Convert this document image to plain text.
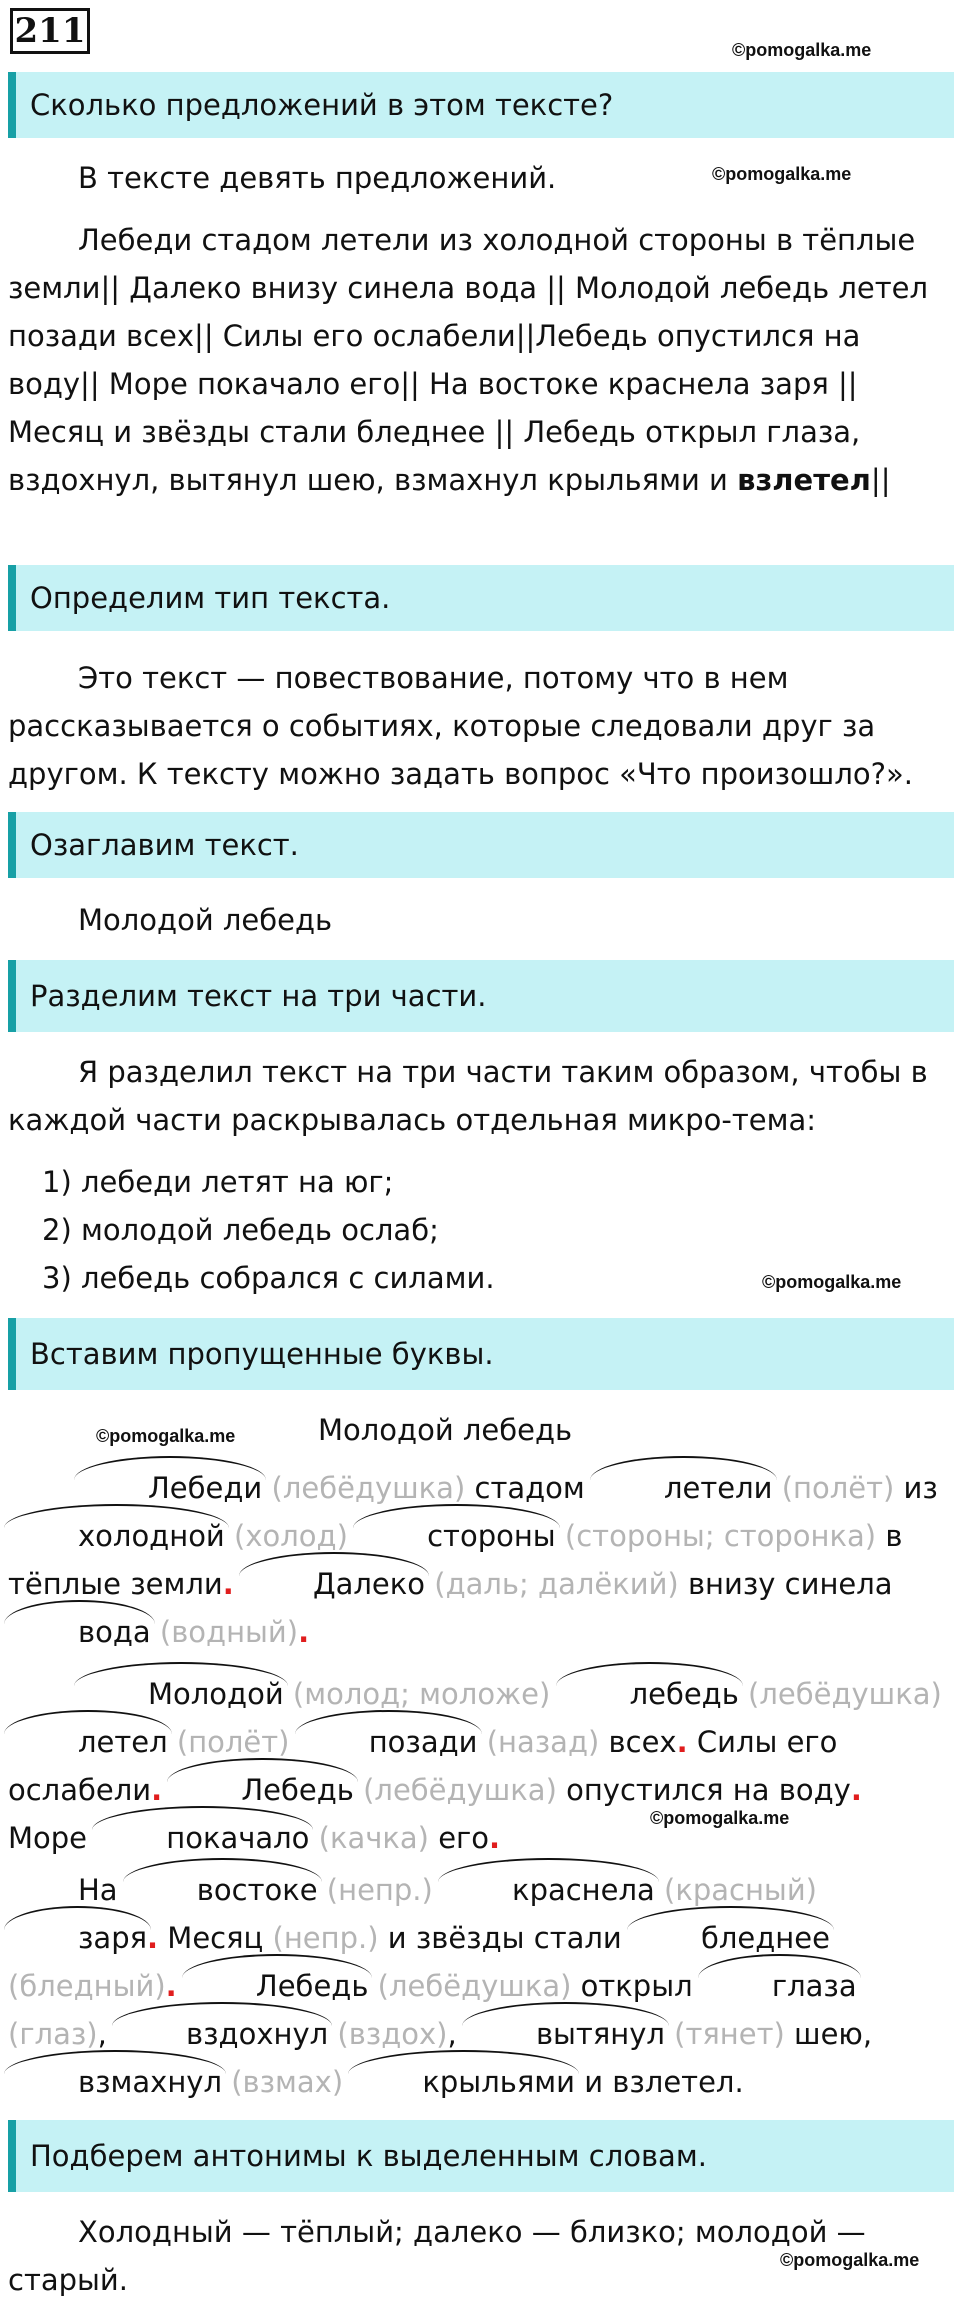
211	©pomogalka.me
Сколько предложений в этом тексте?

В тексте девять предложений.	©pomogalka.me

Лебеди стадом летели из холодной стороны в тёплые земли|| Далеко внизу синела вода || Молодой лебедь летел позади всех|| Силы его ослабели||Лебедь опустился на воду|| Море покачало его|| На востоке краснела заря || Месяц и звёзды стали бледнее || Лебедь открыл глаза, вздохнул, вытянул шею, взмахнул крыльями и взлетел||

Определим тип текста.

Это текст — повествование, потому что в нем рассказывается о событиях, которые следовали друг за другом. К тексту можно задать вопрос «Что произошло?».

Озаглавим текст.

Молодой лебедь

Разделим текст на три части.

Я разделил текст на три части таким образом, чтобы в каждой части раскрывалась отдельная микро-тема:

1) лебеди летят на юг;

2) молодой лебедь ослаб;

3) лебедь собрался с силами.	©pomogalka.me
Вставим пропущенные буквы.
©pomogalka.me	Молодой лебедь

Лебеди (лебёдушка) стадом летели (полёт) из холодной (холод)	стороны (стороны; сторонка) в тёплые земли.	Далеко (даль; далёкий) внизу синела вода (водный).

Молодой (молод; моложе)	лебедь (лебёдушка) летел (полёт)	позади (назад) всех. Силы его ослабели.	Лебедь (лебёдушка) опустился на воду. Море покачало (качка) его.

©pomogalka.me

На востоке (непр.)	краснела (красный) заря. Месяц (непр.) и звёзды стали бледнее (бледный).	Лебедь (лебёдушка) открыл глаза (глаз), вздохнул (вздох), вытянул (тянет) шею, взмахнул (взмах)	крыльями и взлетел.

Подберем антонимы к выделенным словам.

Холодный — тёплый; далеко — близко; молодой — старый.

©pomogalka.me
